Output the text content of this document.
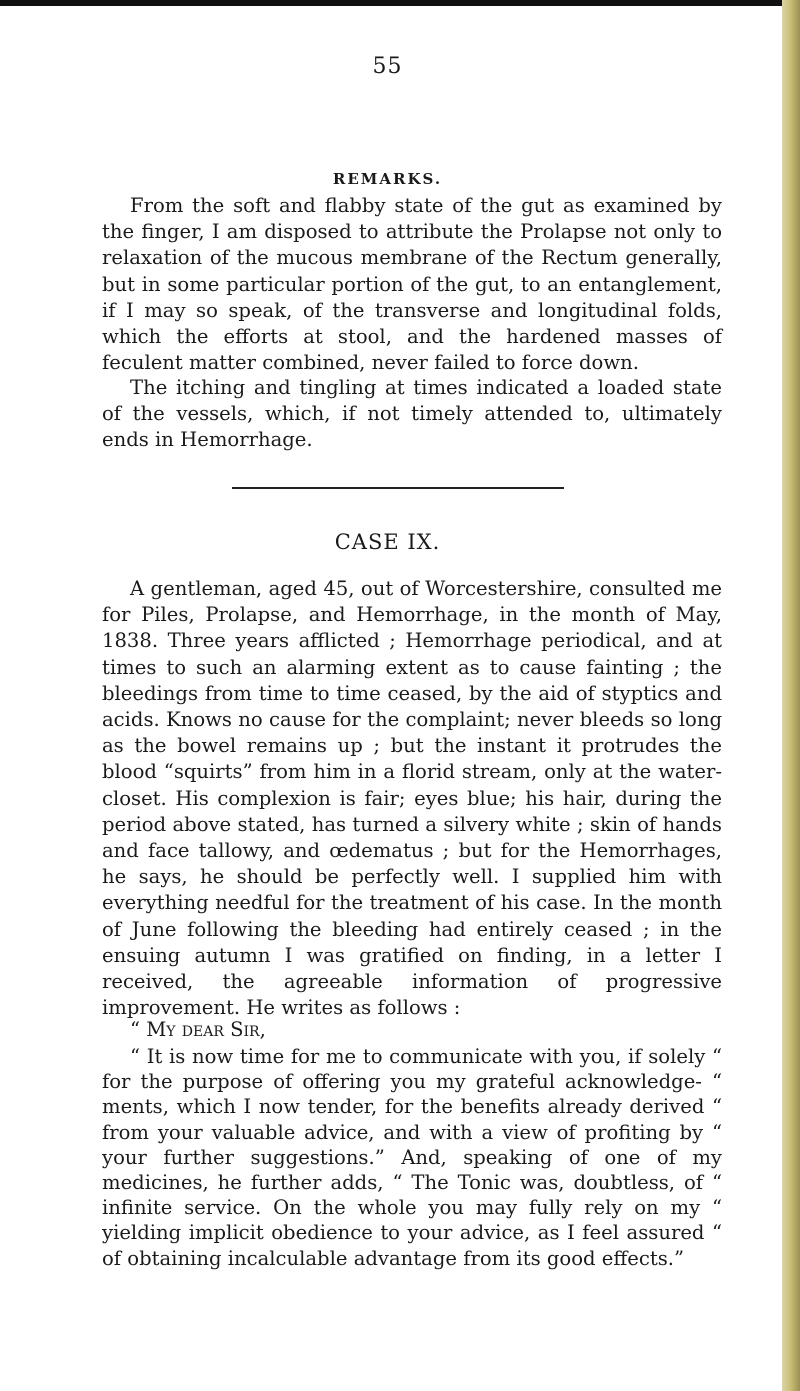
55
REMARKS.

From the soft and flabby state of the gut as examined by the finger, I am disposed to attribute the Prolapse not only to relaxation of the mucous membrane of the Rectum generally, but in some particular portion of the gut, to an entanglement, if I may so speak, of the transverse and longitudinal folds, which the efforts at stool, and the hardened masses of feculent matter combined, never failed to force down.

The itching and tingling at times indicated a loaded state of the vessels, which, if not timely attended to, ultimately ends in Hemorrhage.

CASE IX.

A gentleman, aged 45, out of Worcestershire, consulted me for Piles, Prolapse, and Hemorrhage, in the month of May, 1838. Three years afflicted ; Hemorrhage periodical, and at times to such an alarming extent as to cause fainting ; the bleedings from time to time ceased, by the aid of styptics and acids. Knows no cause for the complaint; never bleeds so long as the bowel remains up ; but the instant it protrudes the blood “squirts” from him in a florid stream, only at the water-closet. His complexion is fair; eyes blue; his hair, during the period above stated, has turned a silvery white ; skin of hands and face tallowy, and œdematus ; but for the Hemorrhages, he says, he should be perfectly well. I supplied him with everything needful for the treatment of his case. In the month of June following the bleeding had entirely ceased ; in the ensuing autumn I was gratified on finding, in a letter I received, the agreeable information of progressive improvement. He writes as follows :

“ My dear Sir,

“ It is now time for me to communicate with you, if solely “ for the purpose of offering you my grateful acknowledge- “ ments, which I now tender, for the benefits already derived “ from your valuable advice, and with a view of profiting by “ your further suggestions.” And, speaking of one of my medicines, he further adds, “ The Tonic was, doubtless, of “ infinite service. On the whole you may fully rely on my “ yielding implicit obedience to your advice, as I feel assured “ of obtaining incalculable advantage from its good effects.”
